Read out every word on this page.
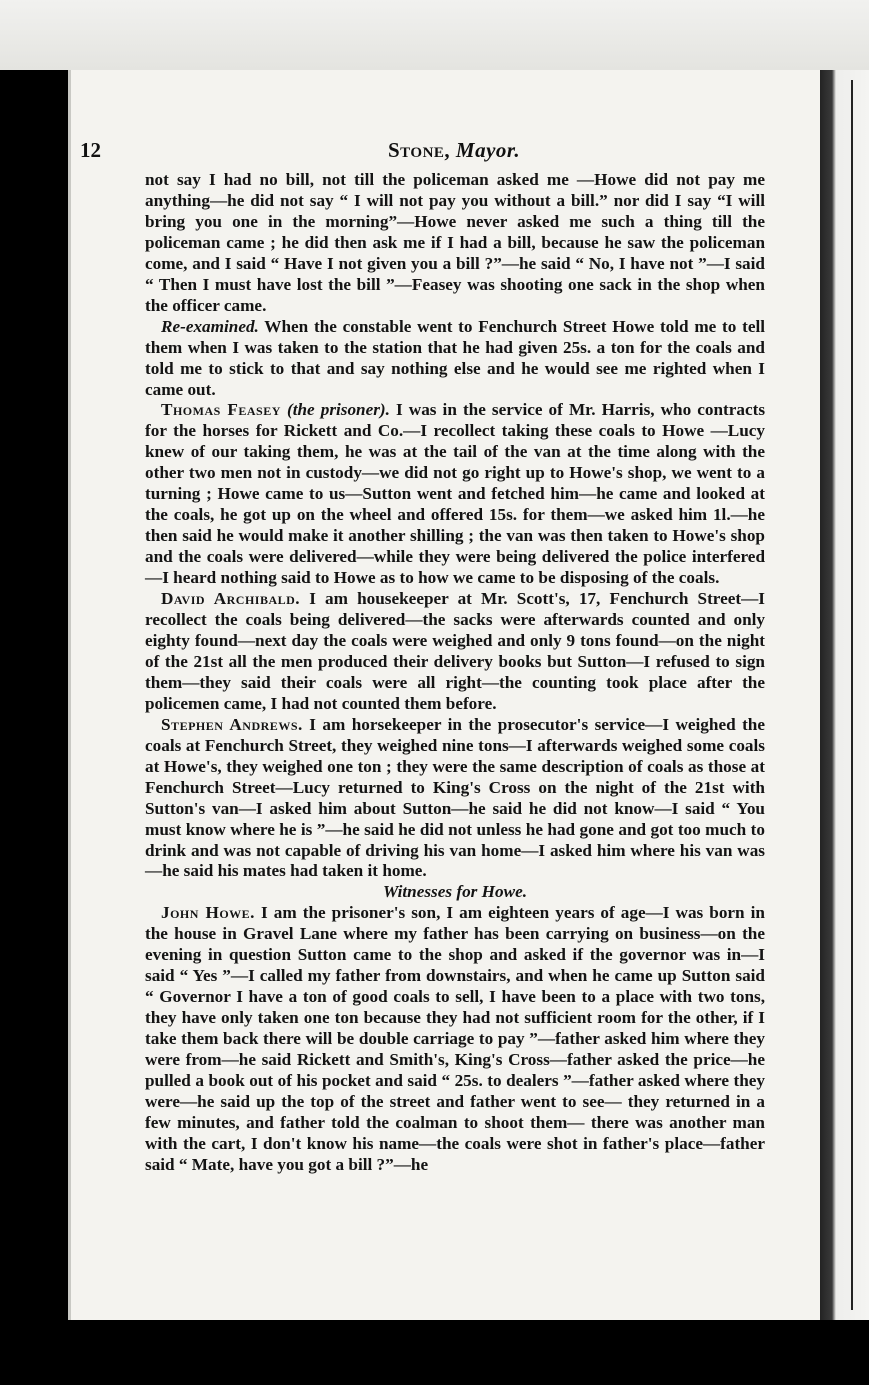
12	Stone, Mayor.

not say I had no bill, not till the policeman asked me —Howe did not pay me anything—he did not say “ I will not pay you without a bill.” nor did I say “I will bring you one in the morning”—Howe never asked me such a thing till the policeman came ; he did then ask me if I had a bill, because he saw the policeman come, and I said “ Have I not given you a bill ?”—he said “ No, I have not ”—I said “ Then I must have lost the bill ”—Feasey was shooting one sack in the shop when the officer came.

Re-examined. When the constable went to Fenchurch Street Howe told me to tell them when I was taken to the station that he had given 25s. a ton for the coals and told me to stick to that and say nothing else and he would see me righted when I came out.

Thomas Feasey (the prisoner). I was in the service of Mr. Harris, who contracts for the horses for Rickett and Co.—I recollect taking these coals to Howe —Lucy knew of our taking them, he was at the tail of the van at the time along with the other two men not in custody—we did not go right up to Howe's shop, we went to a turning ; Howe came to us—Sutton went and fetched him—he came and looked at the coals, he got up on the wheel and offered 15s. for them—we asked him 1l.—he then said he would make it another shilling ; the van was then taken to Howe's shop and the coals were delivered—while they were being delivered the police interfered—I heard nothing said to Howe as to how we came to be disposing of the coals.

David Archibald. I am housekeeper at Mr. Scott's, 17, Fenchurch Street—I recollect the coals being delivered—the sacks were afterwards counted and only eighty found—next day the coals were weighed and only 9 tons found—on the night of the 21st all the men produced their delivery books but Sutton—I refused to sign them—they said their coals were all right—the counting took place after the policemen came, I had not counted them before.

Stephen Andrews. I am horsekeeper in the prosecutor's service—I weighed the coals at Fenchurch Street, they weighed nine tons—I afterwards weighed some coals at Howe's, they weighed one ton ; they were the same description of coals as those at Fenchurch Street—Lucy returned to King's Cross on the night of the 21st with Sutton's van—I asked him about Sutton—he said he did not know—I said “ You must know where he is ”—he said he did not unless he had gone and got too much to drink and was not capable of driving his van home—I asked him where his van was —he said his mates had taken it home.

Witnesses for Howe.

John Howe. I am the prisoner's son, I am eighteen years of age—I was born in the house in Gravel Lane where my father has been carrying on business—on the evening in question Sutton came to the shop and asked if the governor was in—I said “ Yes ”—I called my father from downstairs, and when he came up Sutton said “ Governor I have a ton of good coals to sell, I have been to a place with two tons, they have only taken one ton because they had not sufficient room for the other, if I take them back there will be double carriage to pay ”—father asked him where they were from—he said Rickett and Smith's, King's Cross—father asked the price—he pulled a book out of his pocket and said “ 25s. to dealers ”—father asked where they were—he said up the top of the street and father went to see— they returned in a few minutes, and father told the coalman to shoot them— there was another man with the cart, I don't know his name—the coals were shot in father's place—father said “ Mate, have you got a bill ?”—he
